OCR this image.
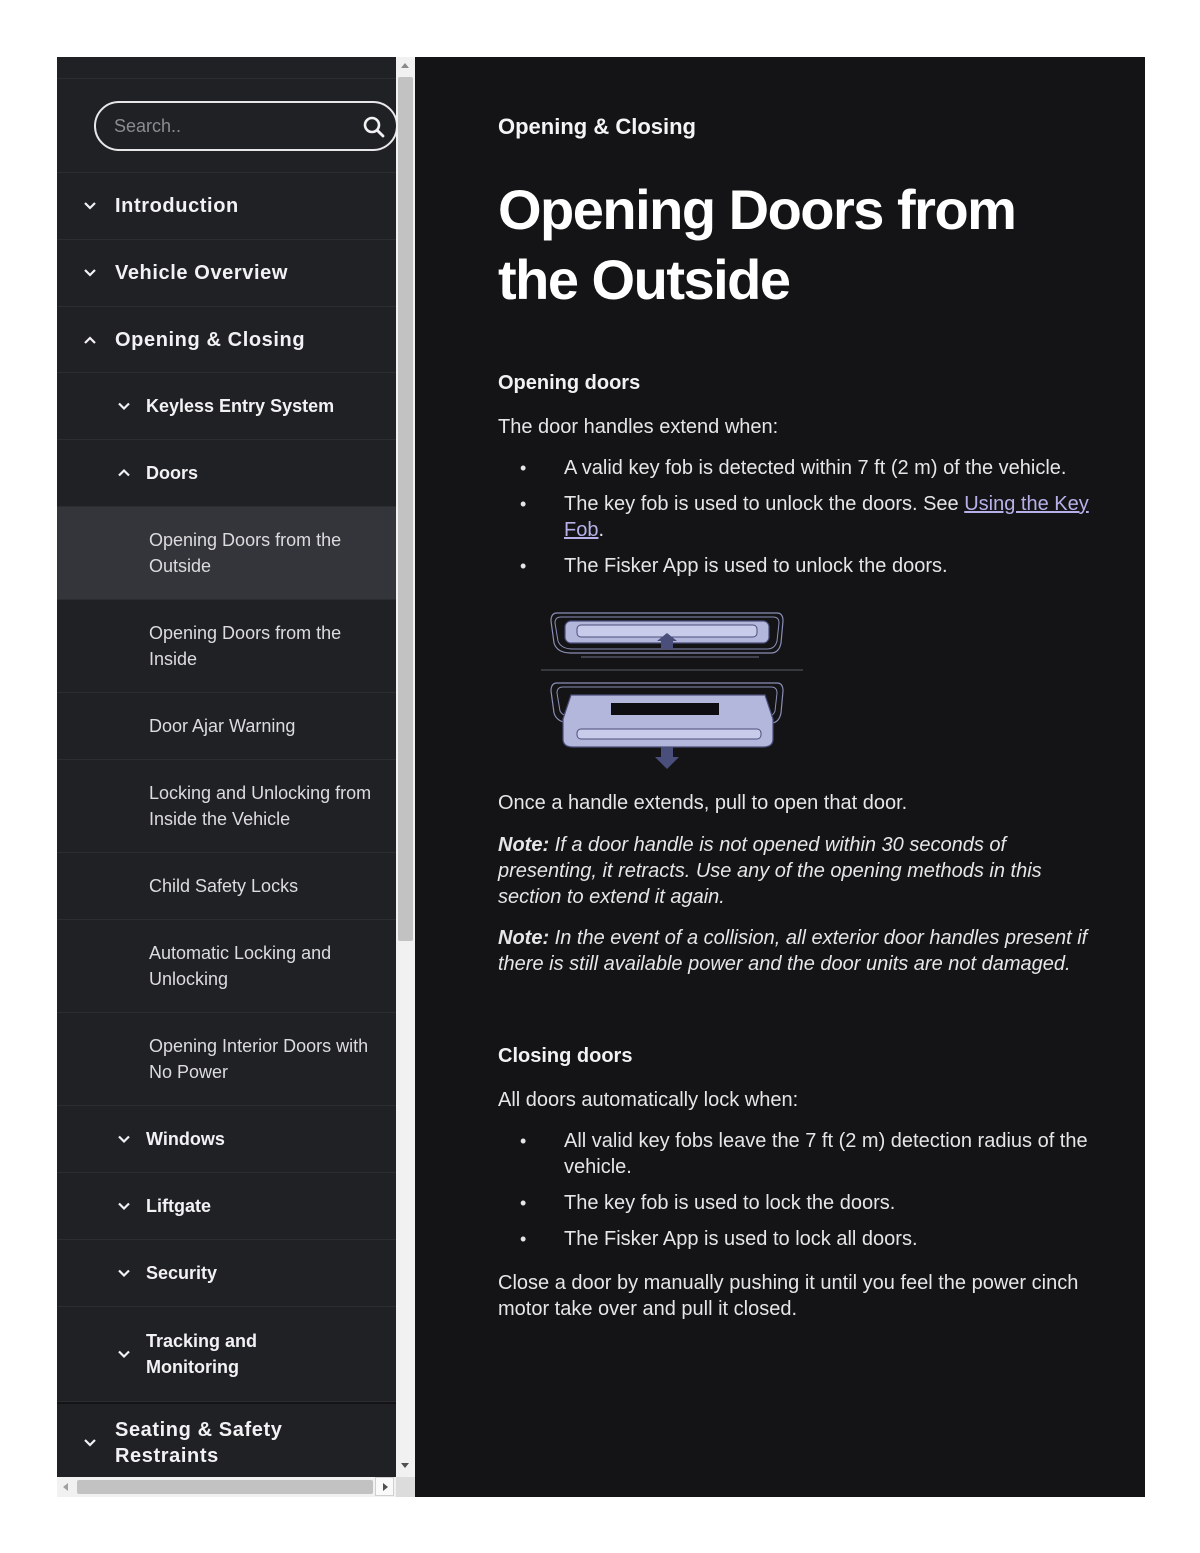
Search..
Introduction
Vehicle Overview
Opening & Closing
Keyless Entry System
Doors
Opening Doors from the Outside
Opening Doors from the Inside
Door Ajar Warning
Locking and Unlocking from Inside the Vehicle
Child Safety Locks
Automatic Locking and Unlocking
Opening Interior Doors with No Power
Windows
Liftgate
Security
Tracking and Monitoring
Seating & Safety Restraints
Opening & Closing
Opening Doors from the Outside
Opening doors
The door handles extend when:
• A valid key fob is detected within 7 ft (2 m) of the vehicle.
• The key fob is used to unlock the doors. See Using the Key Fob.
• The Fisker App is used to unlock the doors.
Once a handle extends, pull to open that door.
Note: If a door handle is not opened within 30 seconds of presenting, it retracts. Use any of the opening methods in this section to extend it again.
Note: In the event of a collision, all exterior door handles present if there is still available power and the door units are not damaged.
Closing doors
All doors automatically lock when:
• All valid key fobs leave the 7 ft (2 m) detection radius of the vehicle.
• The key fob is used to lock the doors.
• The Fisker App is used to lock all doors.
Close a door by manually pushing it until you feel the power cinch motor take over and pull it closed.
